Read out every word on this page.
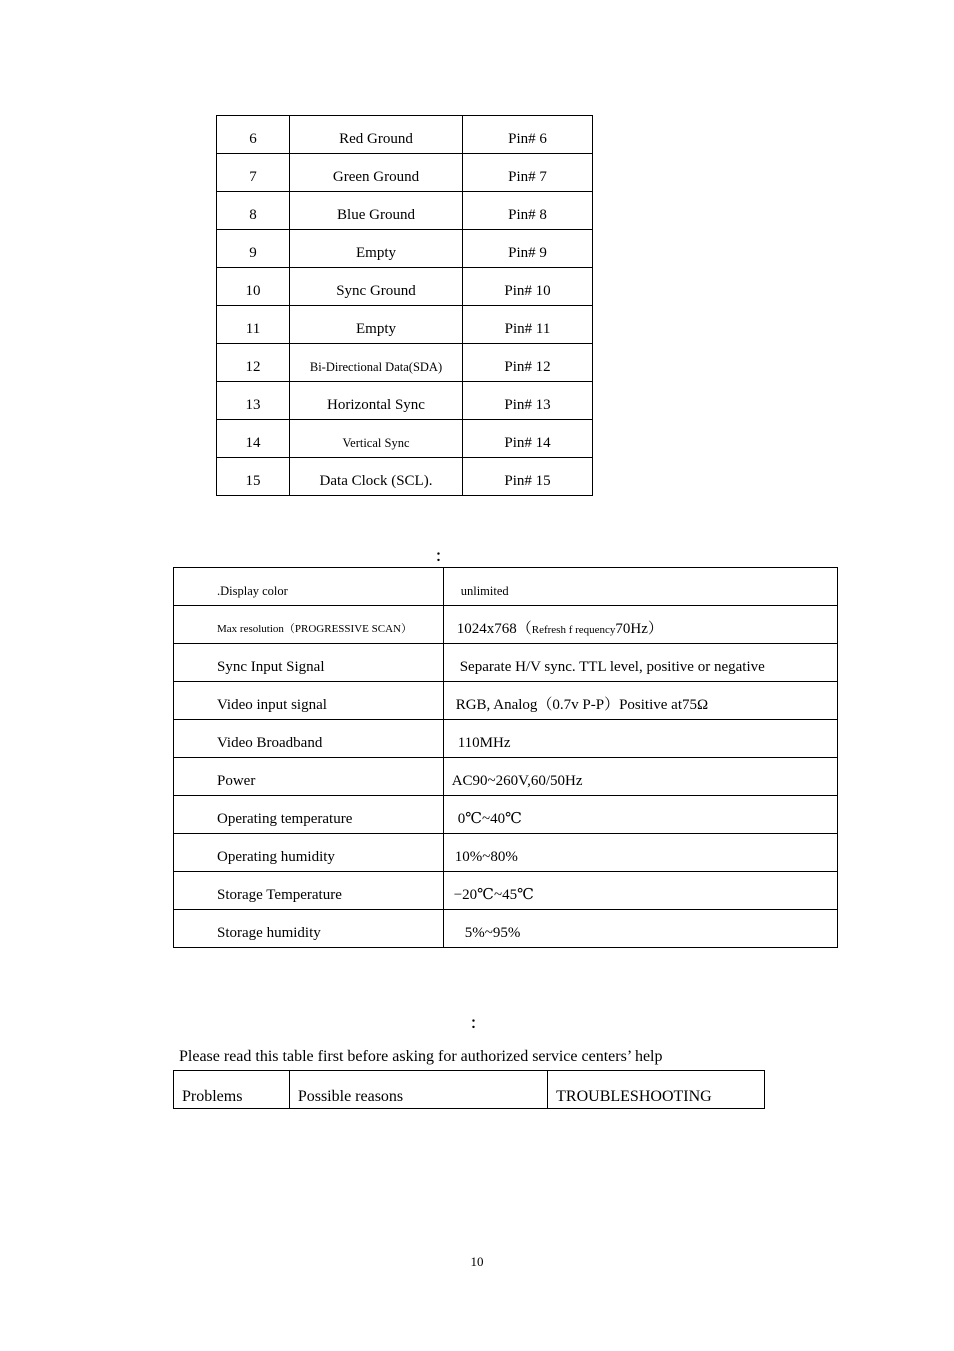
6	Red Ground	Pin# 6
7	Green Ground	Pin# 7
8	Blue Ground	Pin# 8
9	Empty	Pin# 9
10	Sync Ground	Pin# 10
11	Empty	Pin# 11
12	Bi-Directional Data(SDA)	Pin# 12
13	Horizontal Sync	Pin# 13
14	Vertical Sync	Pin# 14
15	Data Clock (SCL).	Pin# 15
：
.Display color	unlimited
Max resolution（PROGRESSIVE SCAN）	1024x768（Refresh f requency70Hz）
Sync Input Signal	Separate H/V sync. TTL level, positive or negative
Video input signal	RGB, Analog（0.7v P-P）Positive at75Ω
Video Broadband	110MHz
Power	AC90~260V,60/50Hz
Operating temperature	0℃~40℃
Operating humidity	10%~80%
Storage Temperature	−20℃~45℃
Storage humidity	5%~95%
：
Please read this table first before asking for authorized service centers’ help
Problems	Possible reasons	TROUBLESHOOTING
10
